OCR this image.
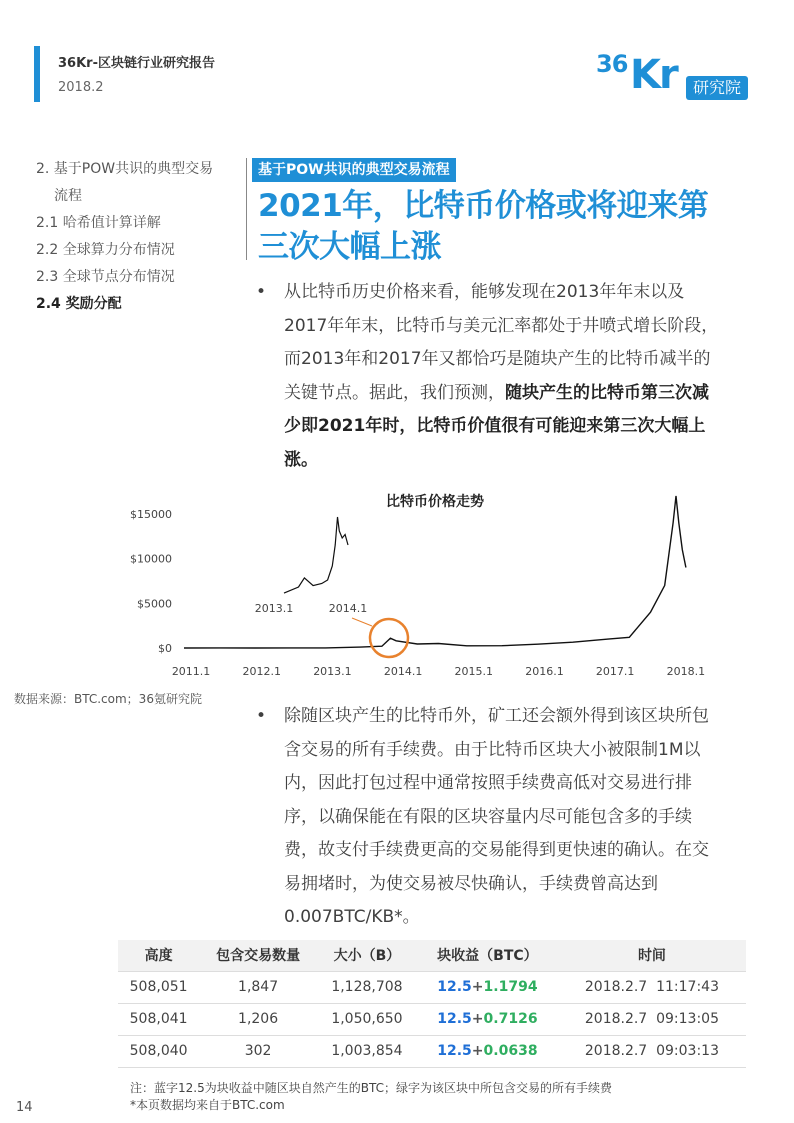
36Kr-区块链行业研究报告
2018.2
36 Kr	研究院
2. 基于POW共识的典型交易
流程
2.1 哈希值计算详解
2.2 全球算力分布情况
2.3 全球节点分布情况
2.4 奖励分配
基于POW共识的典型交易流程
2021年，比特币价格或将迎来第三次大幅上涨
• 从比特币历史价格来看，能够发现在2013年年末以及2017年年末，比特币与美元汇率都处于井喷式增长阶段，而2013年和2017年又都恰巧是随块产生的比特币减半的关键节点。据此，我们预测，随块产生的比特币第三次减少即2021年时，比特币价值很有可能迎来第三次大幅上涨。
比特币价格走势
$15000
$10000
$5000
$0
2011.1	2012.1	2013.1	2014.1	2015.1	2016.1	2017.1	2018.1
2013.1	2014.1
数据来源：BTC.com；36氪研究院
• 除随区块产生的比特币外，矿工还会额外得到该区块所包含交易的所有手续费。由于比特币区块大小被限制1M以内，因此打包过程中通常按照手续费高低对交易进行排序，以确保能在有限的区块容量内尽可能包含多的手续费，故支付手续费更高的交易能得到更快速的确认。在交易拥堵时，为使交易被尽快确认，手续费曾高达到0.007BTC/KB*。
高度	包含交易数量	大小（B）	块收益（BTC）	时间
508,051	1,847	1,128,708	12.5+1.1794	2018.2.7  11:17:43
508,041	1,206	1,050,650	12.5+0.7126	2018.2.7  09:13:05
508,040	302	1,003,854	12.5+0.0638	2018.2.7  09:03:13
注：蓝字12.5为块收益中随区块自然产生的BTC；绿字为该区块中所包含交易的所有手续费
*本页数据均来自于BTC.com
14
